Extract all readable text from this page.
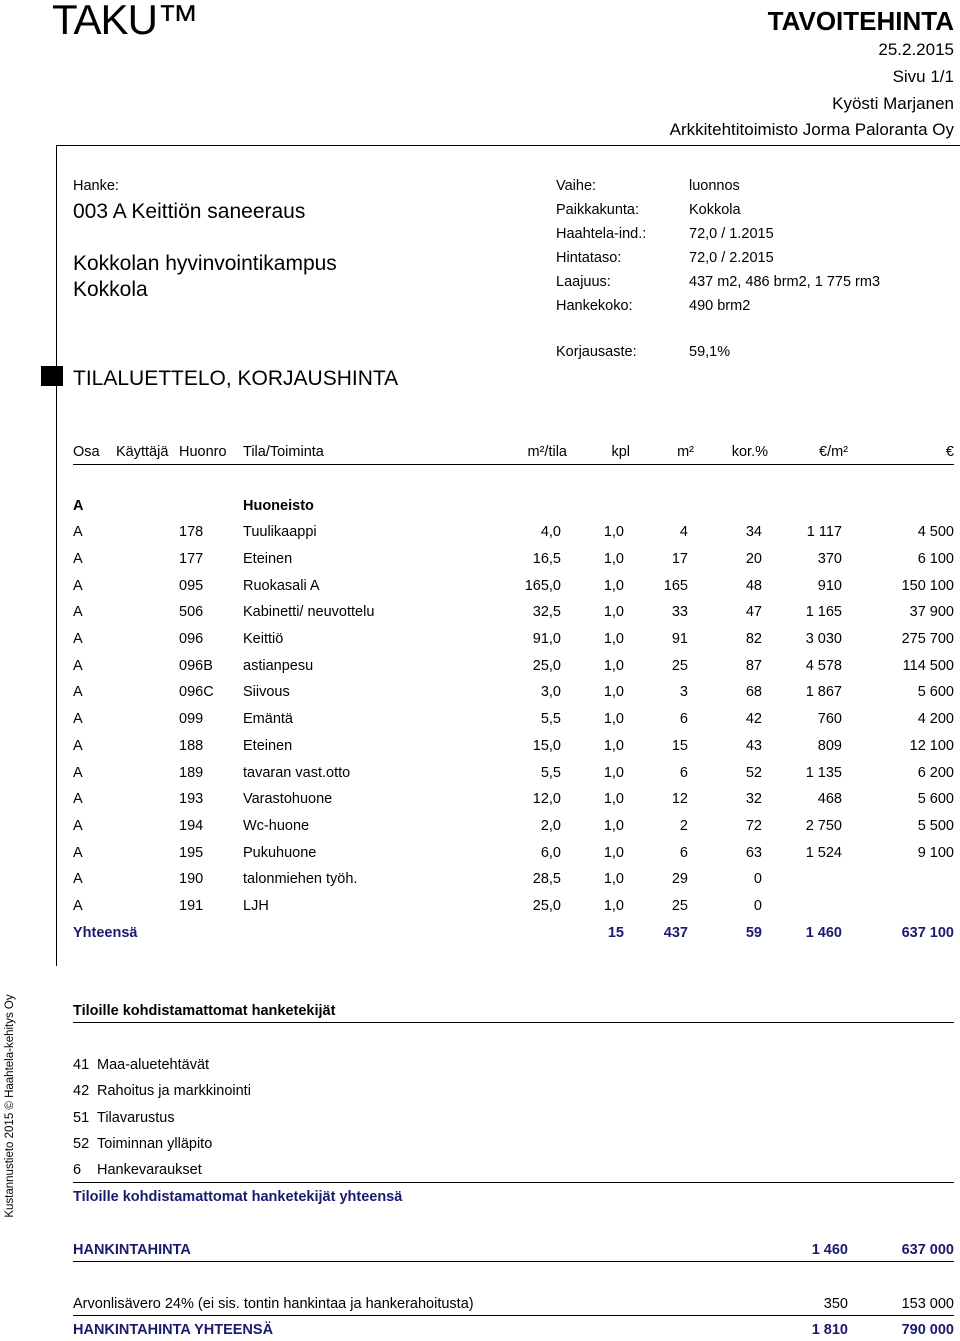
TAKU™	TAVOITEHINTA
25.2.2015
Sivu 1/1
Kyösti Marjanen
Arkkitehtitoimisto Jorma Paloranta Oy
Hanke:
003 A Keittiön saneeraus
Kokkolan hyvinvointikampus
Kokkola
Vaihe:	luonnos
Paikkakunta:	Kokkola
Haahtela-ind.:	72,0 / 1.2015
Hintataso:	72,0 / 2.2015
Laajuus:	437 m2, 486 brm2, 1 775 rm3
Hankekoko:	490 brm2
Korjausaste:	59,1%
TILALUETTELO, KORJAUSHINTA
Osa Käyttäjä Huonro Tila/Toiminta	m²/tila	kpl	m²	kor.%	€/m²	€
A	Huoneisto
A	178	Tuulikaappi	4,0	1,0	4	34	1 117	4 500
A	177	Eteinen	16,5	1,0	17	20	370	6 100
A	095	Ruokasali A	165,0	1,0	165	48	910	150 100
A	506	Kabinetti/ neuvottelu	32,5	1,0	33	47	1 165	37 900
A	096	Keittiö	91,0	1,0	91	82	3 030	275 700
A	096B	astianpesu	25,0	1,0	25	87	4 578	114 500
A	096C	Siivous	3,0	1,0	3	68	1 867	5 600
A	099	Emäntä	5,5	1,0	6	42	760	4 200
A	188	Eteinen	15,0	1,0	15	43	809	12 100
A	189	tavaran vast.otto	5,5	1,0	6	52	1 135	6 200
A	193	Varastohuone	12,0	1,0	12	32	468	5 600
A	194	Wc-huone	2,0	1,0	2	72	2 750	5 500
A	195	Pukuhuone	6,0	1,0	6	63	1 524	9 100
A	190	talonmiehen työh.	28,5	1,0	29	0		
A	191	LJH	25,0	1,0	25	0		
Yhteensä				15	437	59	1 460	637 100
Kustannustieto 2015 © Haahtela-kehitys Oy	Tiloille kohdistamattomat hanketekijät
41 Maa-aluetehtävät
42 Rahoitus ja markkinointi
51 Tilavarustus
52 Toiminnan ylläpito
6 Hankevaraukset
Tiloille kohdistamattomat hanketekijät yhteensä
HANKINTAHINTA	1 460	637 000
Arvonlisävero 24% (ei sis. tontin hankintaa ja hankerahoitusta)	350	153 000
HANKINTAHINTA YHTEENSÄ	1 810	790 000
